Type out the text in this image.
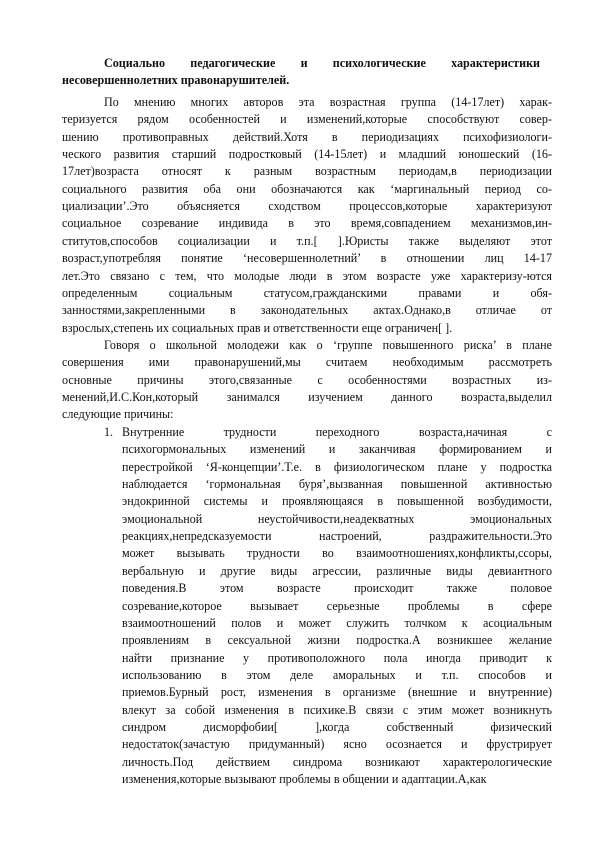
Социально педагогические и психологические характеристики
несовершеннолетних правонарушителей.
По мнению многих авторов эта возрастная группа (14-17лет) харак-
теризуется рядом особенностей и изменений,которые способствуют совер-
шению противоправных действий.Хотя в периодизациях психофизиологи-
ческого развития старший подростковый (14-15лет) и младший юношеский (16-
17лет)возраста относят к разным возрастным периодам,в периодизации
социального развития оба они обозначаются как ‘маргинальный период со-
циализации’.Это объясняется сходством процессов,которые характеризуют
социальное созревание индивида в это время,совпадением механизмов,ин-
ститутов,способов социализации и т.п.[ ].Юристы также выделяют этот
возраст,употребляя понятие ‘несовершеннолетний’ в отношении лиц 14-17
лет.Это связано с тем, что молодые люди в этом возрасте уже характеризу-ются
определенным социальным статусом,гражданскими правами и обя-
занностями,закрепленными в законодательных актах.Однако,в отличае от
взрослых,степень их социальных прав и ответственности еще ограничен[ ].
Говоря о школьной молодежи как о ‘группе повышенного риска’ в плане
совершения ими правонарушений,мы считаем необходимым рассмотреть
основные причины этого,связанные с особенностями возрастных из-
менений,И.С.Кон,который занимался изучением данного возраста,выделил
следующие причины:
1. Внутренние трудности переходного возраста,начиная с
психогормональных изменений и заканчивая формированием и
перестройкой ‘Я-концепции’.Т.е. в физиологическом плане у подростка
наблюдается ‘гормональная буря’,вызванная повышенной активностью
эндокринной системы и проявляющаяся в повышенной возбудимости,
эмоциональной неустойчивости,неадекватных эмоциональных
реакциях,непредсказуемости настроений, раздражительности.Это
может вызывать трудности во взаимоотношениях,конфликты,ссоры,
вербальную и другие виды агрессии, различные виды девиантного
поведения.В этом возрасте происходит также половое
созревание,которое вызывает серьезные проблемы в сфере
взаимоотношений полов и может служить толчком к асоциальным
проявлениям в сексуальной жизни подростка.А возникшее желание
найти признание у противоположного пола иногда приводит к
использованию в этом деле аморальных и т.п. способов и
приемов.Бурный рост, изменения в организме (внешние и внутренние)
влекут за собой изменения в психике.В связи с этим может возникнуть
синдром дисморфобии[ ],когда собственный физический
недостаток(зачастую придуманный) ясно осознается и фрустрирует
личность.Под действием синдрома возникают характерологические
изменения,которые вызывают проблемы в общении и адаптации.А,как
